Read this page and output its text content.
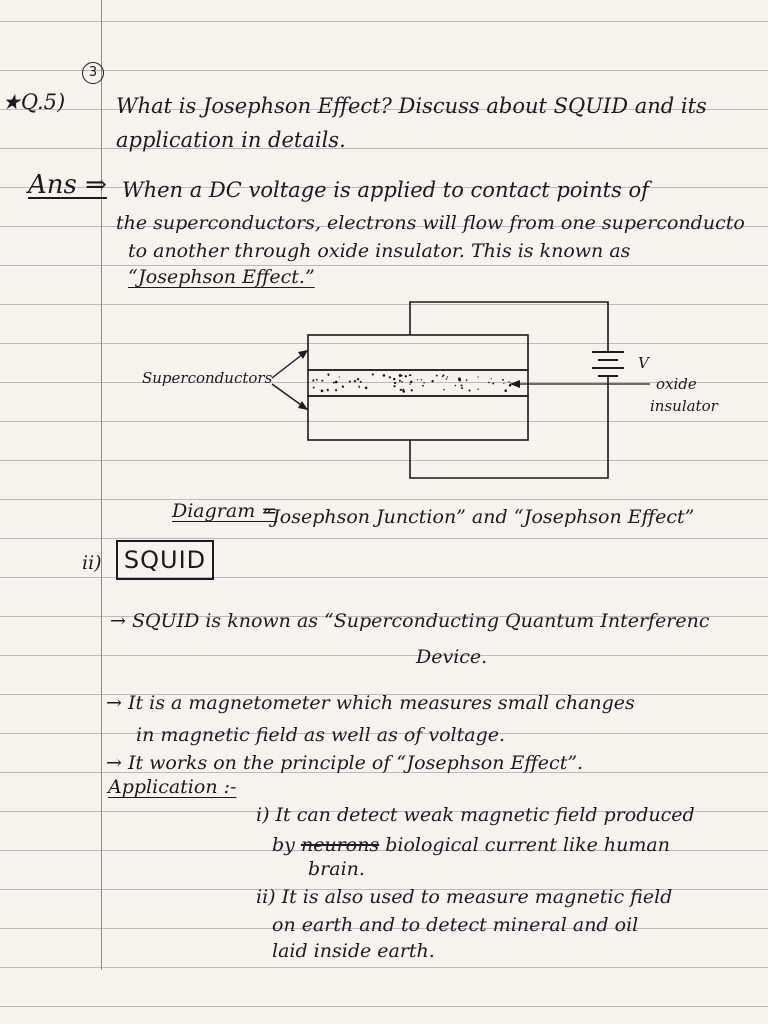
3
★Q.5) What is Josephson Effect? Discuss about SQUID and its
application in details.
Ans ⇒ When a DC voltage is applied to contact points of
the superconductors, electrons will flow from one superconducto
to another through oxide insulator. This is known as
“Josephson Effect.”
Superconductors
V
oxide
insulator
Diagram =
“Josephson Junction” and “Josephson Effect”
ii) SQUID
→ SQUID is known as “Superconducting Quantum Interferenc
Device.
→ It is a magnetometer which measures small changes
in magnetic field as well as of voltage.
→ It works on the principle of “Josephson Effect”.
Application :-
i) It can detect weak magnetic field produced
by neurons biological current like human
brain.
ii) It is also used to measure magnetic field
on earth and to detect mineral and oil
laid inside earth.
